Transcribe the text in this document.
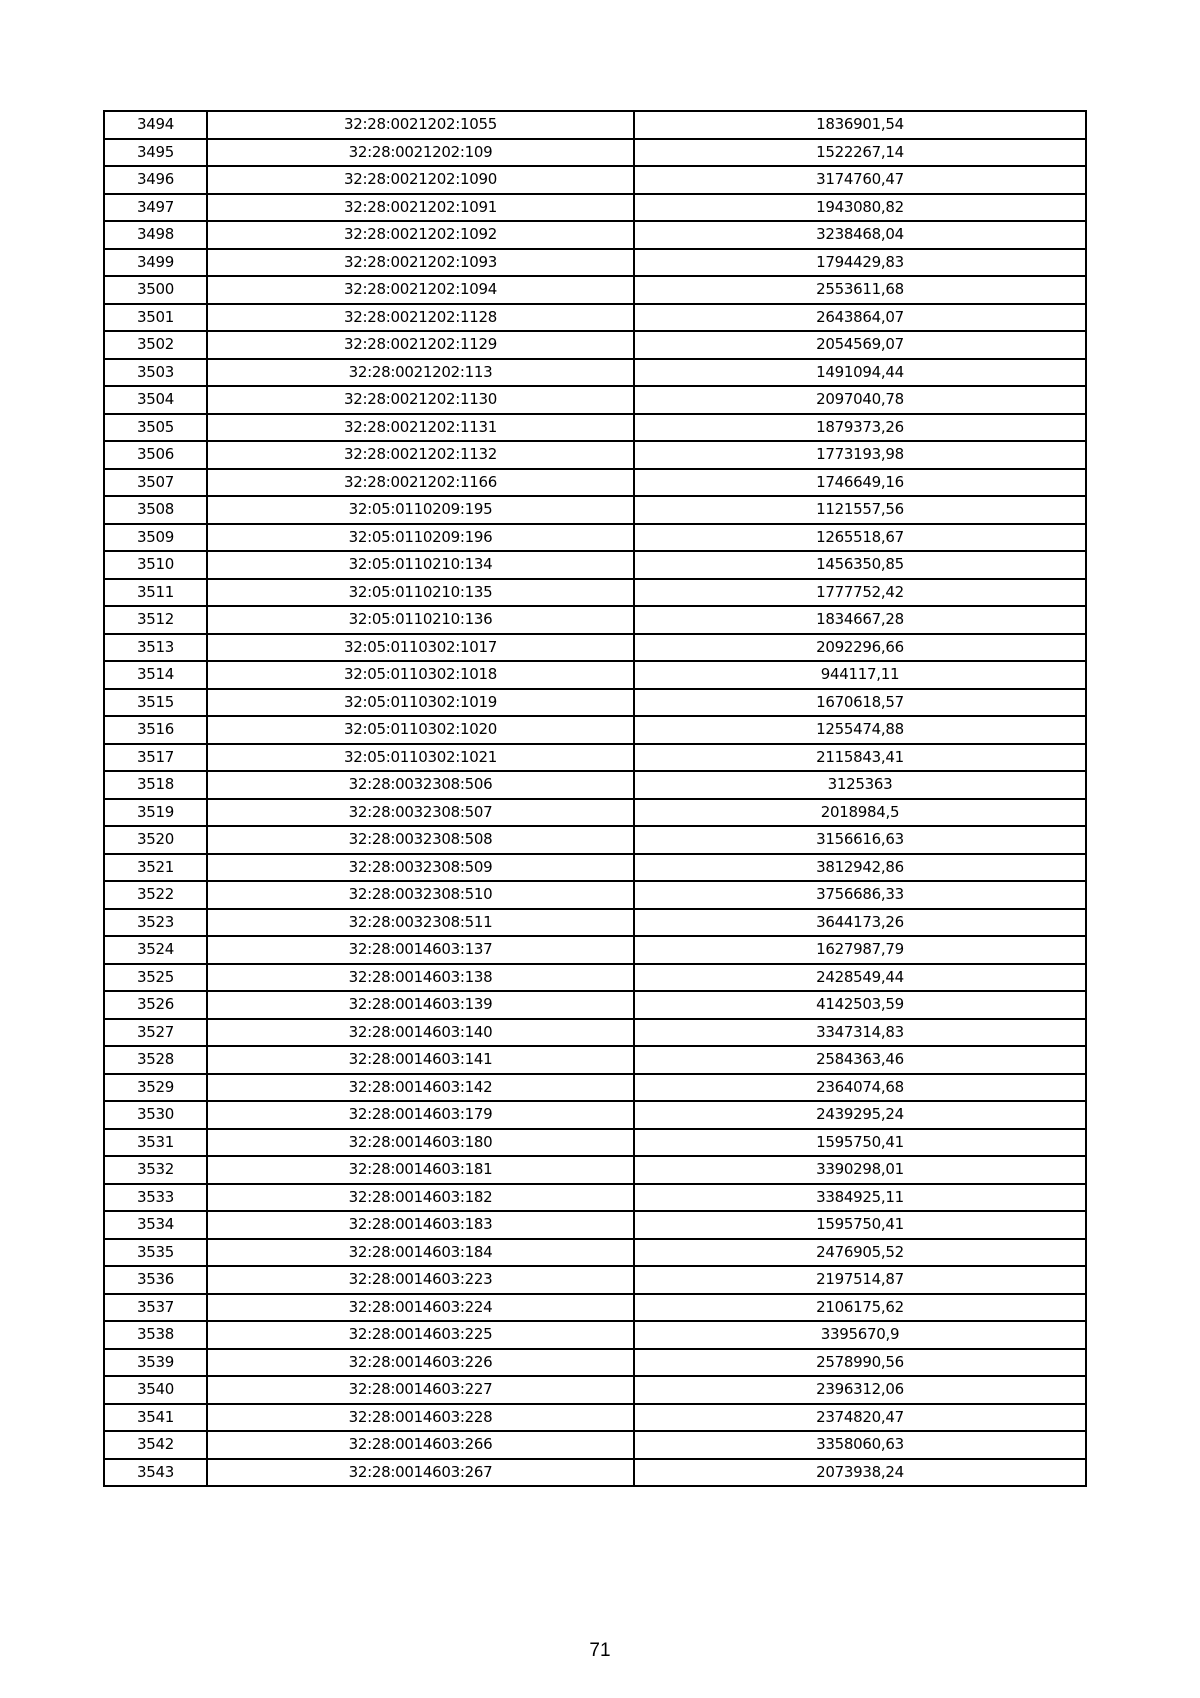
3494	32:28:0021202:1055	1836901,54
3495	32:28:0021202:109	1522267,14
3496	32:28:0021202:1090	3174760,47
3497	32:28:0021202:1091	1943080,82
3498	32:28:0021202:1092	3238468,04
3499	32:28:0021202:1093	1794429,83
3500	32:28:0021202:1094	2553611,68
3501	32:28:0021202:1128	2643864,07
3502	32:28:0021202:1129	2054569,07
3503	32:28:0021202:113	1491094,44
3504	32:28:0021202:1130	2097040,78
3505	32:28:0021202:1131	1879373,26
3506	32:28:0021202:1132	1773193,98
3507	32:28:0021202:1166	1746649,16
3508	32:05:0110209:195	1121557,56
3509	32:05:0110209:196	1265518,67
3510	32:05:0110210:134	1456350,85
3511	32:05:0110210:135	1777752,42
3512	32:05:0110210:136	1834667,28
3513	32:05:0110302:1017	2092296,66
3514	32:05:0110302:1018	944117,11
3515	32:05:0110302:1019	1670618,57
3516	32:05:0110302:1020	1255474,88
3517	32:05:0110302:1021	2115843,41
3518	32:28:0032308:506	3125363
3519	32:28:0032308:507	2018984,5
3520	32:28:0032308:508	3156616,63
3521	32:28:0032308:509	3812942,86
3522	32:28:0032308:510	3756686,33
3523	32:28:0032308:511	3644173,26
3524	32:28:0014603:137	1627987,79
3525	32:28:0014603:138	2428549,44
3526	32:28:0014603:139	4142503,59
3527	32:28:0014603:140	3347314,83
3528	32:28:0014603:141	2584363,46
3529	32:28:0014603:142	2364074,68
3530	32:28:0014603:179	2439295,24
3531	32:28:0014603:180	1595750,41
3532	32:28:0014603:181	3390298,01
3533	32:28:0014603:182	3384925,11
3534	32:28:0014603:183	1595750,41
3535	32:28:0014603:184	2476905,52
3536	32:28:0014603:223	2197514,87
3537	32:28:0014603:224	2106175,62
3538	32:28:0014603:225	3395670,9
3539	32:28:0014603:226	2578990,56
3540	32:28:0014603:227	2396312,06
3541	32:28:0014603:228	2374820,47
3542	32:28:0014603:266	3358060,63
3543	32:28:0014603:267	2073938,24
71
